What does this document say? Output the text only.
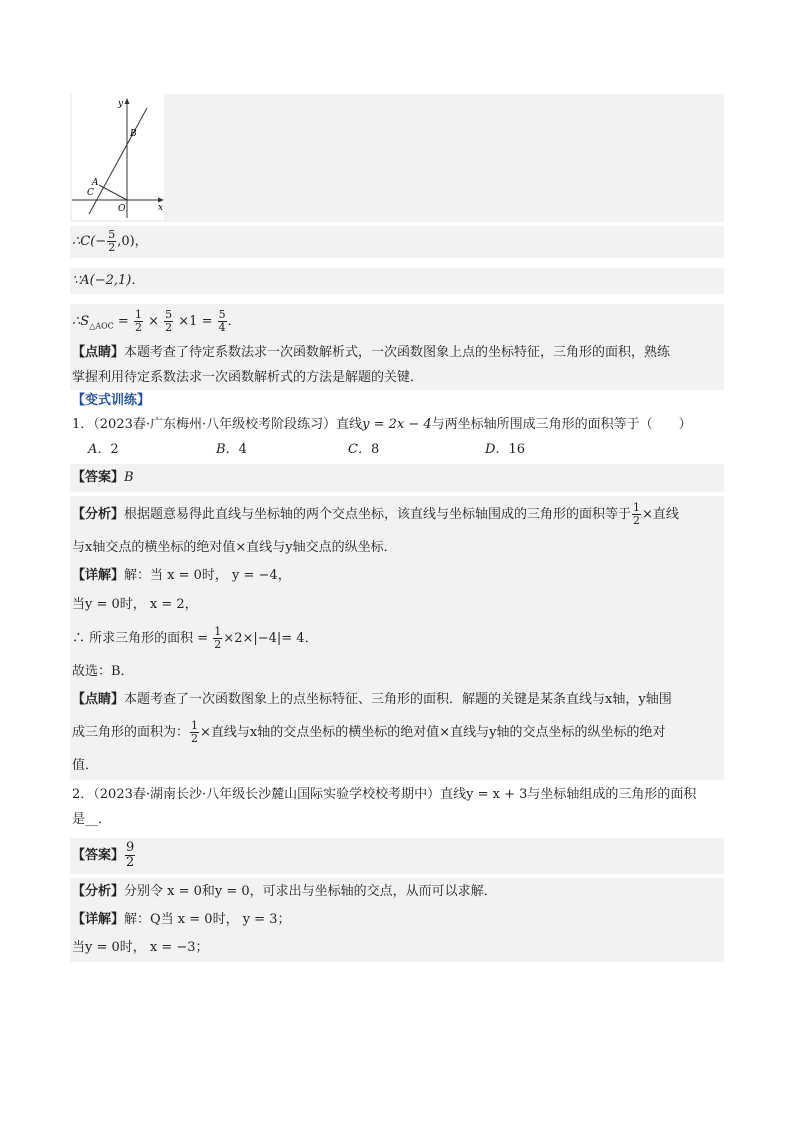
y
x
O
B
A
C
∴C(− $\frac{5}{2} ,0$)，
∵A(−2,1)．
$\therefore S_{\triangle AOC} = \frac{1}{2} \times \frac{5}{2} \times 1 = \frac{5}{4}$ ．
【点睛】本题考查了待定系数法求一次函数解析式，一次函数图象上点的坐标特征，三角形的面积，熟练
掌握利用待定系数法求一次函数解析式的方法是解题的关键．
【变式训练】
1．（2023春·广东梅州·八年级校考阶段练习）直线y = 2x − 4与两坐标轴所围成三角形的面积等于（　　）
A．2	B．4	C．8	D．16
【答案】B
【分析】根据题意易得此直线与坐标轴的两个交点坐标，该直线与坐标轴围成的三角形的面积等于 $\frac{1}{2}$ ×直线
与x轴交点的横坐标的绝对值×直线与y轴交点的纵坐标．
【详解】解：当 x = 0时， y = −4，
当y = 0时， x = 2，
∴ 所求三角形的面积 = $\frac{1}{2} \times 2\times|-4|= 4$．
故选：B．
【点睛】本题考查了一次函数图象上的点坐标特征、三角形的面积．解题的关键是某条直线与x轴，y轴围
成三角形的面积为： $\frac{1}{2}$ ×直线与x轴的交点坐标的横坐标的绝对值×直线与y轴的交点坐标的纵坐标的绝对
值．
2．（2023春·湖南长沙·八年级长沙麓山国际实验学校校考期中）直线y = x + 3与坐标轴组成的三角形的面积
是__．
【答案】 $\frac{9}{2}$
【分析】分别令 x = 0和y = 0，可求出与坐标轴的交点，从而可以求解．
【详解】解：Q当 x = 0时， y = 3；
当y = 0时， x = −3；
